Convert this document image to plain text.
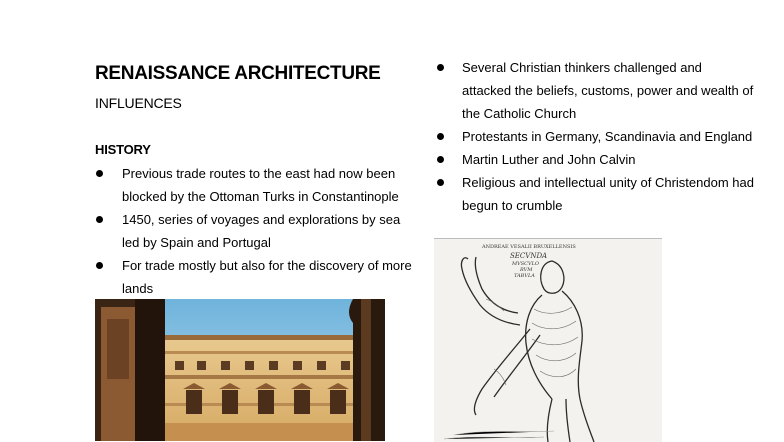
RENAISSANCE ARCHITECTURE
INFLUENCES
HISTORY
Previous trade routes to the east had now been blocked by the Ottoman Turks in Constantinople
1450, series of voyages and explorations by sea led by Spain and Portugal
For trade mostly but also for the discovery of more lands
Several Christian thinkers challenged and attacked the beliefs, customs, power and wealth of the Catholic Church
Protestants in Germany, Scandinavia and England
Martin Luther and John Calvin
Religious and intellectual unity of Christendom had begun to crumble
ANDREAE VESALII BRUXELLENSIS
SECVNDA
MVSCVLO
RVM
TABVLA
